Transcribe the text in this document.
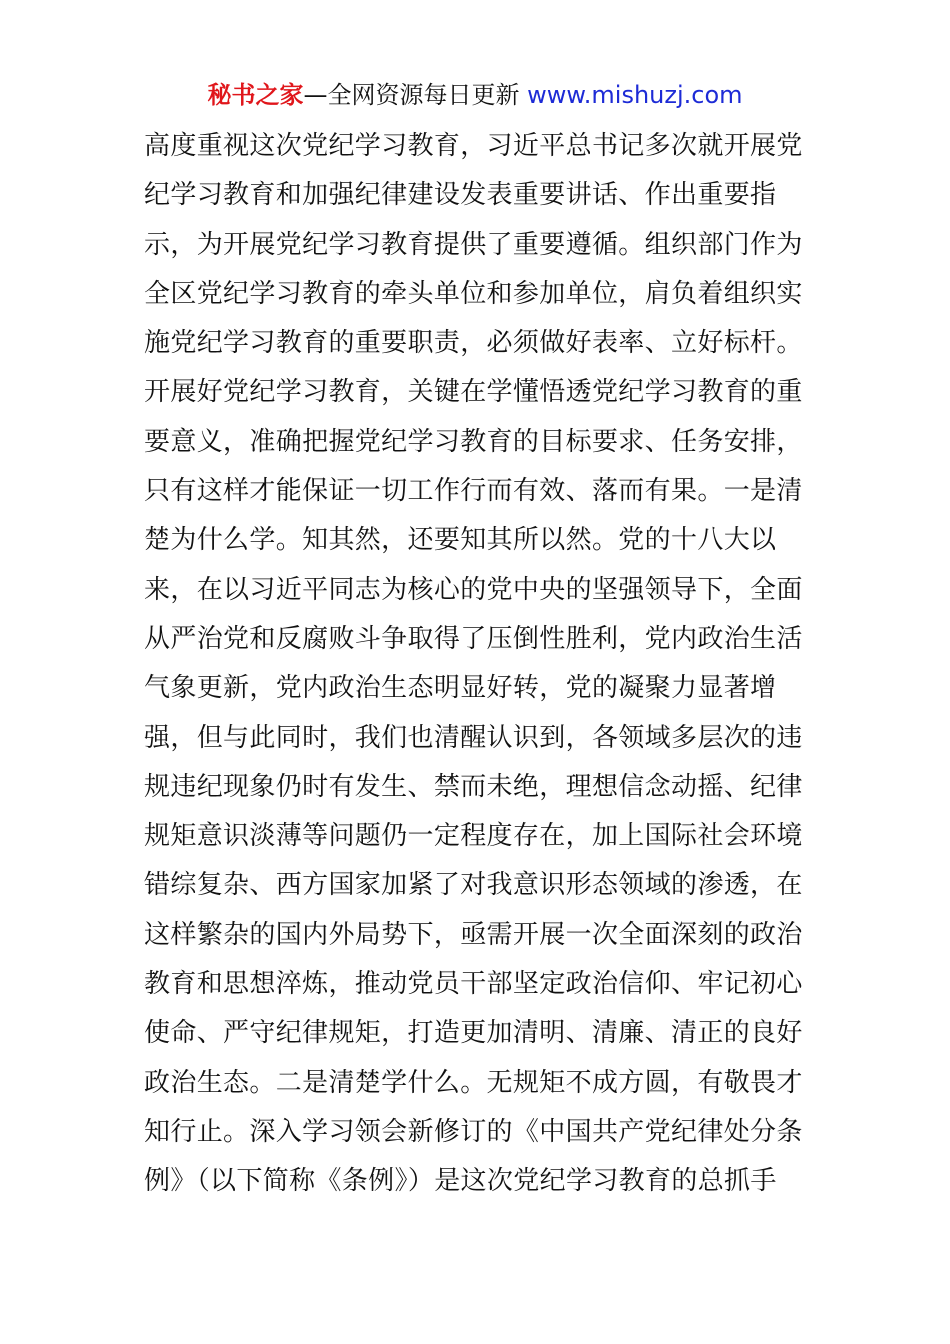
秘书之家—全网资源每日更新 www.mishuzj.com
高度重视这次党纪学习教育，习近平总书记多次就开展党
纪学习教育和加强纪律建设发表重要讲话、作出重要指
示，为开展党纪学习教育提供了重要遵循。组织部门作为
全区党纪学习教育的牵头单位和参加单位，肩负着组织实
施党纪学习教育的重要职责，必须做好表率、立好标杆。
开展好党纪学习教育，关键在学懂悟透党纪学习教育的重
要意义，准确把握党纪学习教育的目标要求、任务安排，
只有这样才能保证一切工作行而有效、落而有果。一是清
楚为什么学。知其然，还要知其所以然。党的十八大以
来，在以习近平同志为核心的党中央的坚强领导下，全面
从严治党和反腐败斗争取得了压倒性胜利，党内政治生活
气象更新，党内政治生态明显好转，党的凝聚力显著增
强，但与此同时，我们也清醒认识到，各领域多层次的违
规违纪现象仍时有发生、禁而未绝，理想信念动摇、纪律
规矩意识淡薄等问题仍一定程度存在，加上国际社会环境
错综复杂、西方国家加紧了对我意识形态领域的渗透，在
这样繁杂的国内外局势下，亟需开展一次全面深刻的政治
教育和思想淬炼，推动党员干部坚定政治信仰、牢记初心
使命、严守纪律规矩，打造更加清明、清廉、清正的良好
政治生态。二是清楚学什么。无规矩不成方圆，有敬畏才
知行止。深入学习领会新修订的《中国共产党纪律处分条
例》（以下简称《条例》）是这次党纪学习教育的总抓手
